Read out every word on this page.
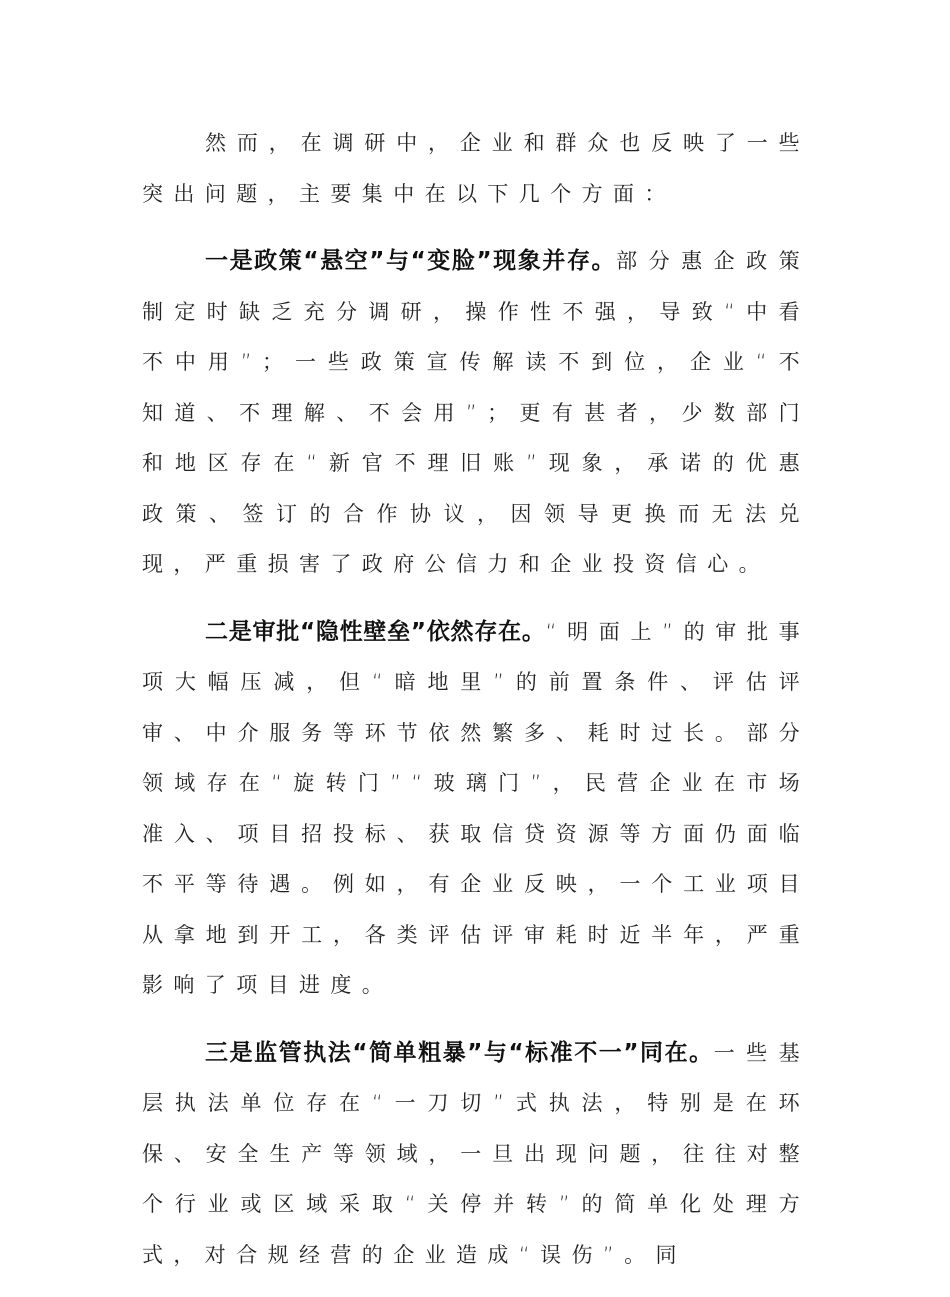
然而，在调研中，企业和群众也反映了一些突出问题，主要集中在以下几个方面：

一是政策“悬空”与“变脸”现象并存。部分惠企政策制定时缺乏充分调研，操作性不强，导致“中看不中用”；一些政策宣传解读不到位，企业“不知道、不理解、不会用”；更有甚者，少数部门和地区存在“新官不理旧账”现象，承诺的优惠政策、签订的合作协议，因领导更换而无法兑现，严重损害了政府公信力和企业投资信心。

二是审批“隐性壁垒”依然存在。“明面上”的审批事项大幅压减，但“暗地里”的前置条件、评估评审、中介服务等环节依然繁多、耗时过长。部分领域存在“旋转门”“玻璃门”，民营企业在市场准入、项目招投标、获取信贷资源等方面仍面临不平等待遇。例如，有企业反映，一个工业项目从拿地到开工，各类评估评审耗时近半年，严重影响了项目进度。

三是监管执法“简单粗暴”与“标准不一”同在。一些基层执法单位存在“一刀切”式执法，特别是在环保、安全生产等领域，一旦出现问题，往往对整个行业或区域采取“关停并转”的简单化处理方式，对合规经营的企业造成“误伤”。同
